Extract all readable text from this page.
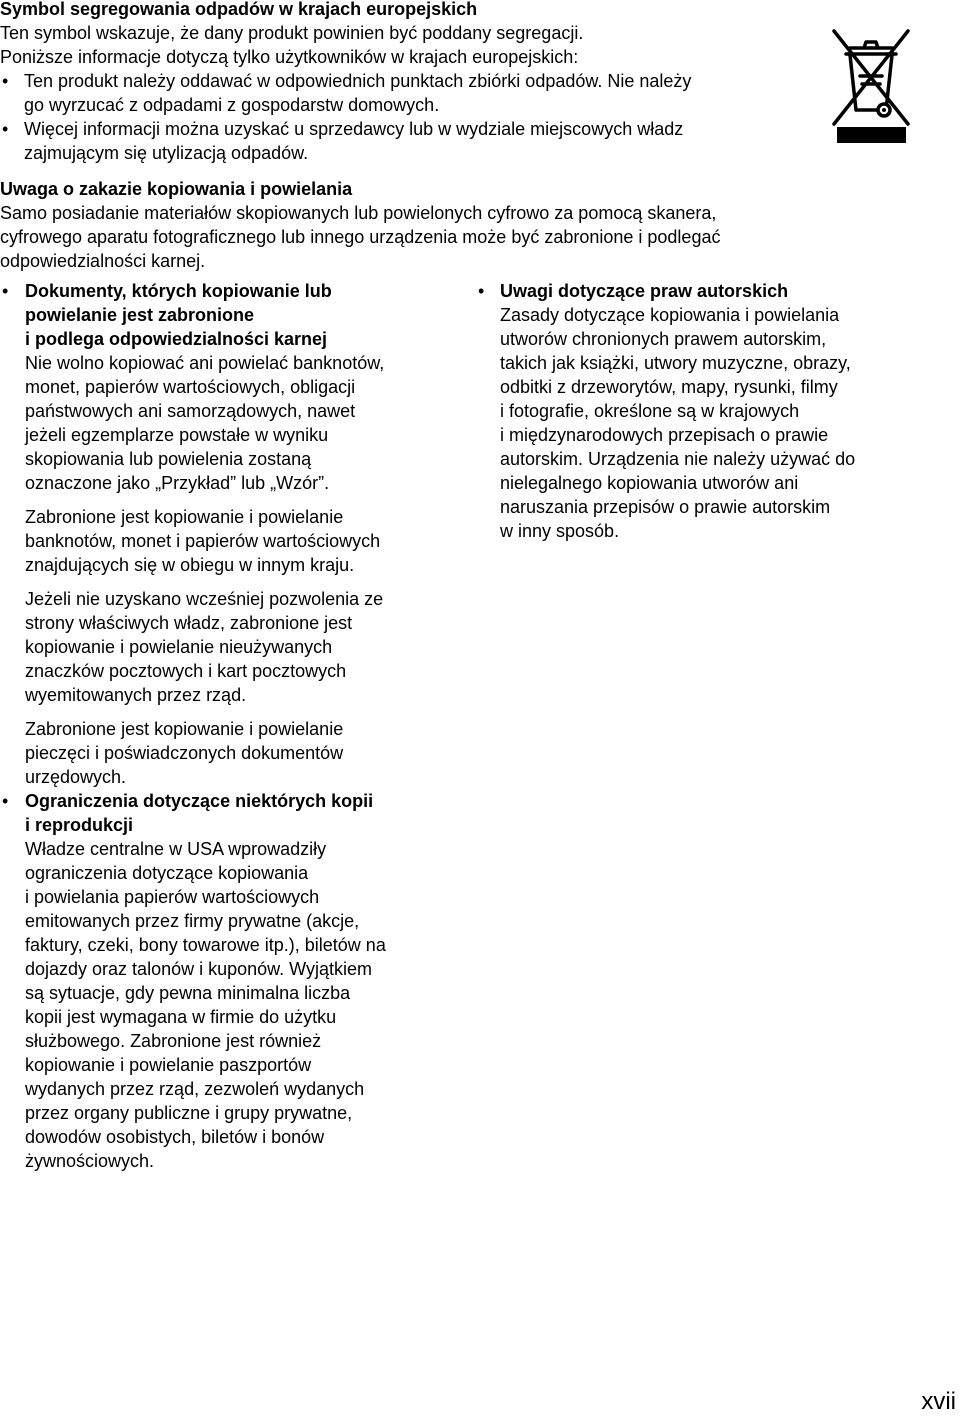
Symbol segregowania odpadów w krajach europejskich
Ten symbol wskazuje, że dany produkt powinien być poddany segregacji.
Poniższe informacje dotyczą tylko użytkowników w krajach europejskich:
• Ten produkt należy oddawać w odpowiednich punktach zbiórki odpadów. Nie należy
go wyrzucać z odpadami z gospodarstw domowych.
• Więcej informacji można uzyskać u sprzedawcy lub w wydziale miejscowych władz
zajmującym się utylizacją odpadów.
Uwaga o zakazie kopiowania i powielania
Samo posiadanie materiałów skopiowanych lub powielonych cyfrowo za pomocą skanera,
cyfrowego aparatu fotograficznego lub innego urządzenia może być zabronione i podlegać
odpowiedzialności karnej.
• Dokumenty, których kopiowanie lub
powielanie jest zabronione
i podlega odpowiedzialności karnej
Nie wolno kopiować ani powielać banknotów,
monet, papierów wartościowych, obligacji
państwowych ani samorządowych, nawet
jeżeli egzemplarze powstałe w wyniku
skopiowania lub powielenia zostaną
oznaczone jako „Przykład” lub „Wzór”.
Zabronione jest kopiowanie i powielanie
banknotów, monet i papierów wartościowych
znajdujących się w obiegu w innym kraju.
Jeżeli nie uzyskano wcześniej pozwolenia ze
strony właściwych władz, zabronione jest
kopiowanie i powielanie nieużywanych
znaczków pocztowych i kart pocztowych
wyemitowanych przez rząd.
Zabronione jest kopiowanie i powielanie
pieczęci i poświadczonych dokumentów
urzędowych.
• Ograniczenia dotyczące niektórych kopii
i reprodukcji
Władze centralne w USA wprowadziły
ograniczenia dotyczące kopiowania
i powielania papierów wartościowych
emitowanych przez firmy prywatne (akcje,
faktury, czeki, bony towarowe itp.), biletów na
dojazdy oraz talonów i kuponów. Wyjątkiem
są sytuacje, gdy pewna minimalna liczba
kopii jest wymagana w firmie do użytku
służbowego. Zabronione jest również
kopiowanie i powielanie paszportów
wydanych przez rząd, zezwoleń wydanych
przez organy publiczne i grupy prywatne,
dowodów osobistych, biletów i bonów
żywnościowych.
• Uwagi dotyczące praw autorskich
Zasady dotyczące kopiowania i powielania
utworów chronionych prawem autorskim,
takich jak książki, utwory muzyczne, obrazy,
odbitki z drzeworytów, mapy, rysunki, filmy
i fotografie, określone są w krajowych
i międzynarodowych przepisach o prawie
autorskim. Urządzenia nie należy używać do
nielegalnego kopiowania utworów ani
naruszania przepisów o prawie autorskim
w inny sposób.
xvii
